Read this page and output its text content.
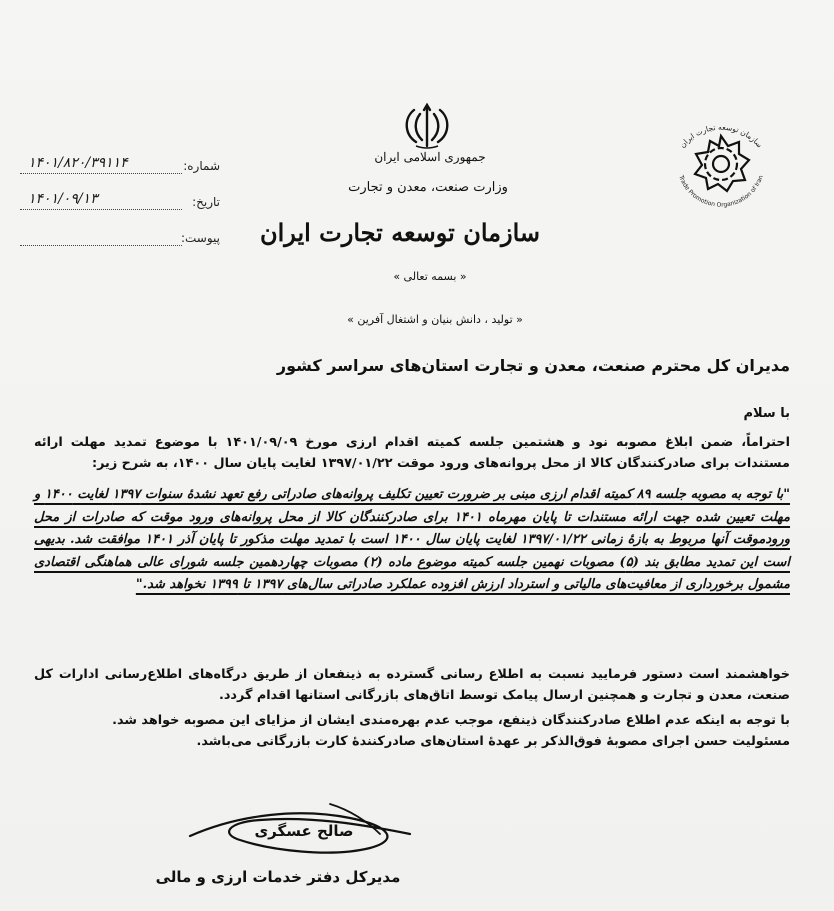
شماره:
۱۴۰۱/۸۲۰/۳۹۱۱۴
تاریخ:
۱۴۰۱/۰۹/۱۳
پیوست:
جمهوری اسلامی ایران
وزارت صنعت، معدن و تجارت
سازمان توسعه تجارت ایران
« بسمه تعالی »
« تولید ، دانش بنیان و اشتغال آفرین »
سازمان توسعه تجارت ایران
Trade Promotion Organization of Iran
مدیران کل محترم صنعت، معدن و تجارت استان‌های سراسر کشور
با سلام
احتراماً، ضمن ابلاغ مصوبه نود و هشتمین جلسه کمیته اقدام ارزی مورخ ۱۴۰۱/۰۹/۰۹ با موضوع تمدید مهلت ارائه مستندات برای صادرکنندگان کالا از محل پروانه‌های ورود موقت ۱۳۹۷/۰۱/۲۲ لغایت پایان سال ۱۴۰۰، به شرح زیر:
"با توجه به مصوبه جلسه ۸۹ کمیته اقدام ارزی مبنی بر ضرورت تعیین تکلیف پروانه‌های صادراتی رفع تعهد نشدۀ سنوات ۱۳۹۷ لغایت ۱۴۰۰ و مهلت تعیین شده جهت ارائه مستندات تا پایان مهرماه ۱۴۰۱ برای صادرکنندگان کالا از محل پروانه‌های ورود موقت که صادرات از محل ورودموقت آنها مربوط به بازۀ زمانی ۱۳۹۷/۰۱/۲۲ لغایت پایان سال ۱۴۰۰ است با تمدید مهلت مذکور تا پایان آذر ۱۴۰۱ موافقت شد. بدیهی است این تمدید مطابق بند (۵) مصوبات نهمین جلسه کمیته موضوع ماده (۲) مصوبات چهاردهمین جلسه شورای عالی هماهنگی اقتصادی مشمول برخورداری از معافیت‌های مالیاتی و استرداد ارزش افزوده عملکرد صادراتی سال‌های ۱۳۹۷ تا ۱۳۹۹ نخواهد شد."
خواهشمند است دستور فرمایید نسبت به اطلاع رسانی گسترده به ذینفعان از طریق درگاه‌های اطلاع‌رسانی ادارات کل صنعت، معدن و تجارت و همچنین ارسال پیامک توسط اتاق‌های بازرگانی استانها اقدام گردد.
با توجه به اینکه عدم اطلاع صادرکنندگان ذینفع، موجب عدم بهره‌مندی ایشان از مزایای این مصوبه خواهد شد.
مسئولیت حسن اجرای مصوبۀ فوق‌الذکر بر عهدۀ استان‌های صادرکنندۀ کارت بازرگانی می‌باشد.
صالح عسگری
مدیرکل دفتر خدمات ارزی و مالی
